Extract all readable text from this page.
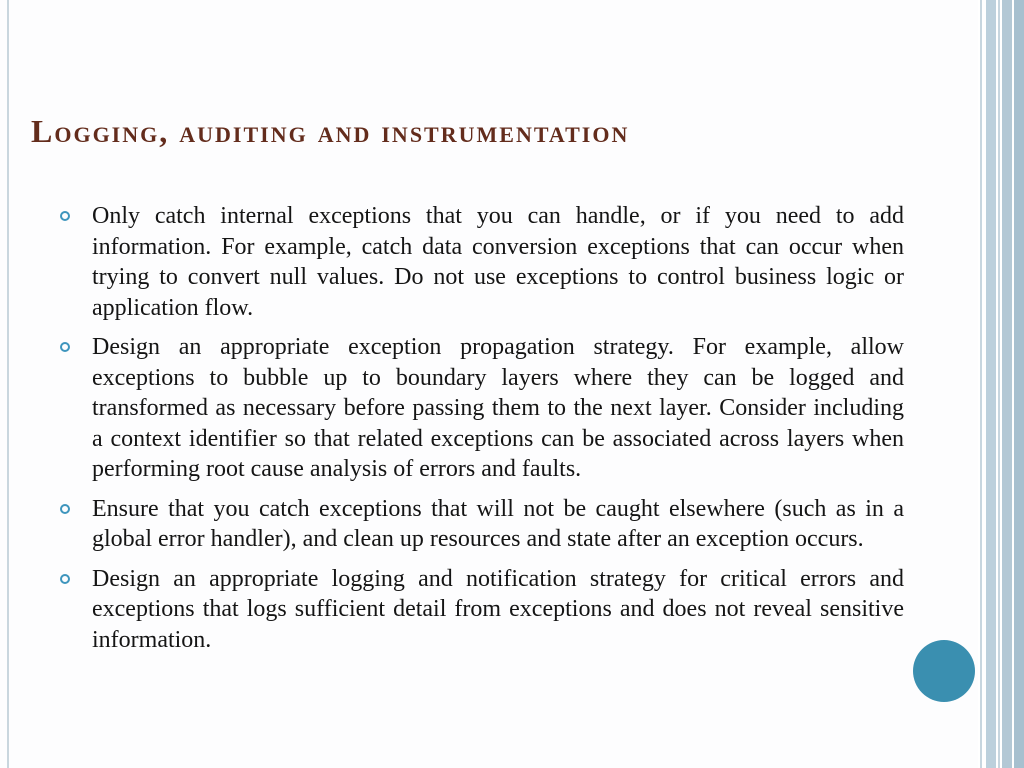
Logging, auditing and instrumentation
Only catch internal exceptions that you can handle, or if you need to add information. For example, catch data conversion exceptions that can occur when trying to convert null values. Do not use exceptions to control business logic or application flow.
Design an appropriate exception propagation strategy. For example, allow exceptions to bubble up to boundary layers where they can be logged and transformed as necessary before passing them to the next layer. Consider including a context identifier so that related exceptions can be associated across layers when performing root cause analysis of errors and faults.
Ensure that you catch exceptions that will not be caught elsewhere (such as in a global error handler), and clean up resources and state after an exception occurs.
Design an appropriate logging and notification strategy for critical errors and exceptions that logs sufficient detail from exceptions and does not reveal sensitive information.
